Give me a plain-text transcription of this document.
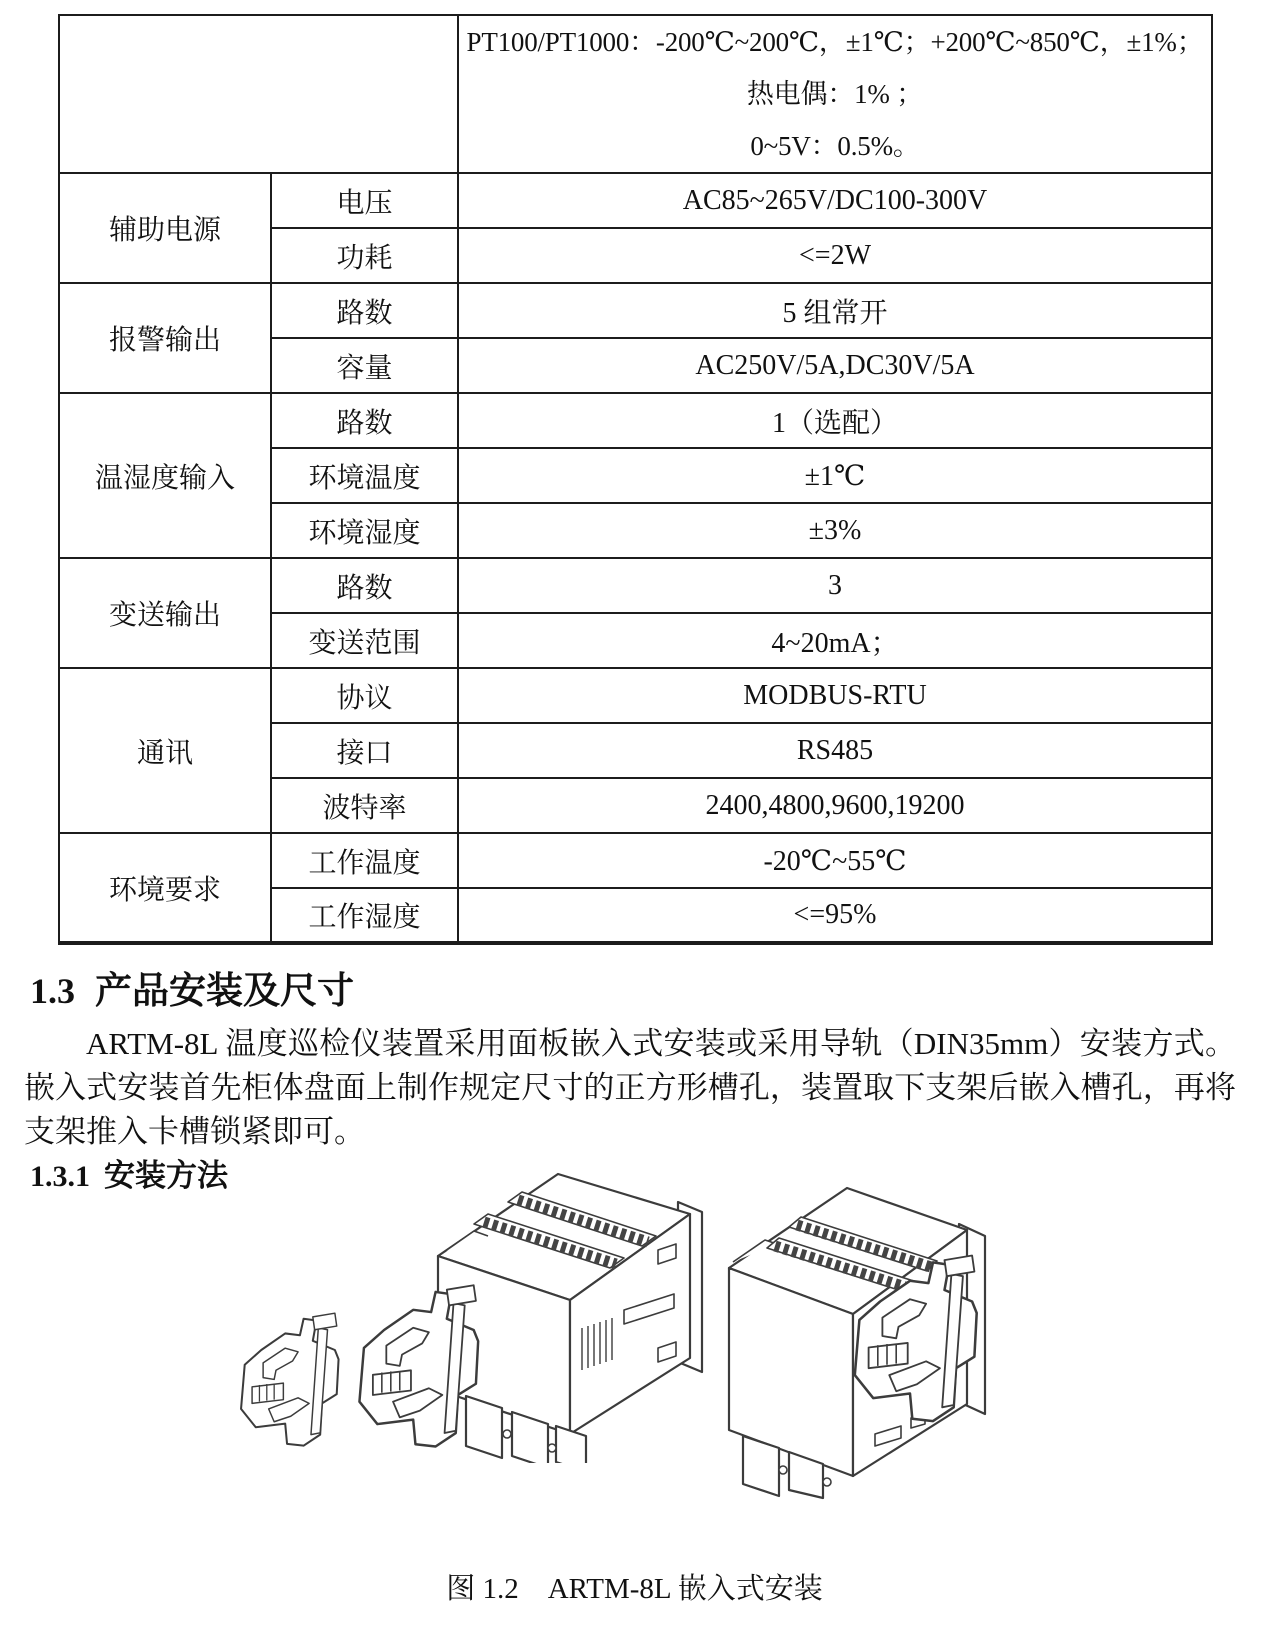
		PT100/PT1000：-200℃~200℃，±1℃；+200℃~850℃，±1%；
热电偶：1% ；
0~5V：0.5%。

辅助电源	电压	AC85~265V/DC100-300V
	功耗	<=2W
报警输出	路数	5 组常开
	容量	AC250V/5A,DC30V/5A
温湿度输入	路数	1（选配）
	环境温度	±1℃
	环境湿度	±3%
变送输出	路数	3
	变送范围	4~20mA；
通讯	协议	MODBUS-RTU
	接口	RS485
	波特率	2400,4800,9600,19200
环境要求	工作温度	-20℃~55℃
	工作湿度	<=95%
1.3 产品安装及尺寸

ARTM-8L 温度巡检仪装置采用面板嵌入式安装或采用导轨（DIN35mm）安装方式。嵌入式安装首先柜体盘面上制作规定尺寸的正方形槽孔，装置取下支架后嵌入槽孔，再将支架推入卡槽锁紧即可。

1.3.1 安装方法
图 1.2　ARTM-8L 嵌入式安装
